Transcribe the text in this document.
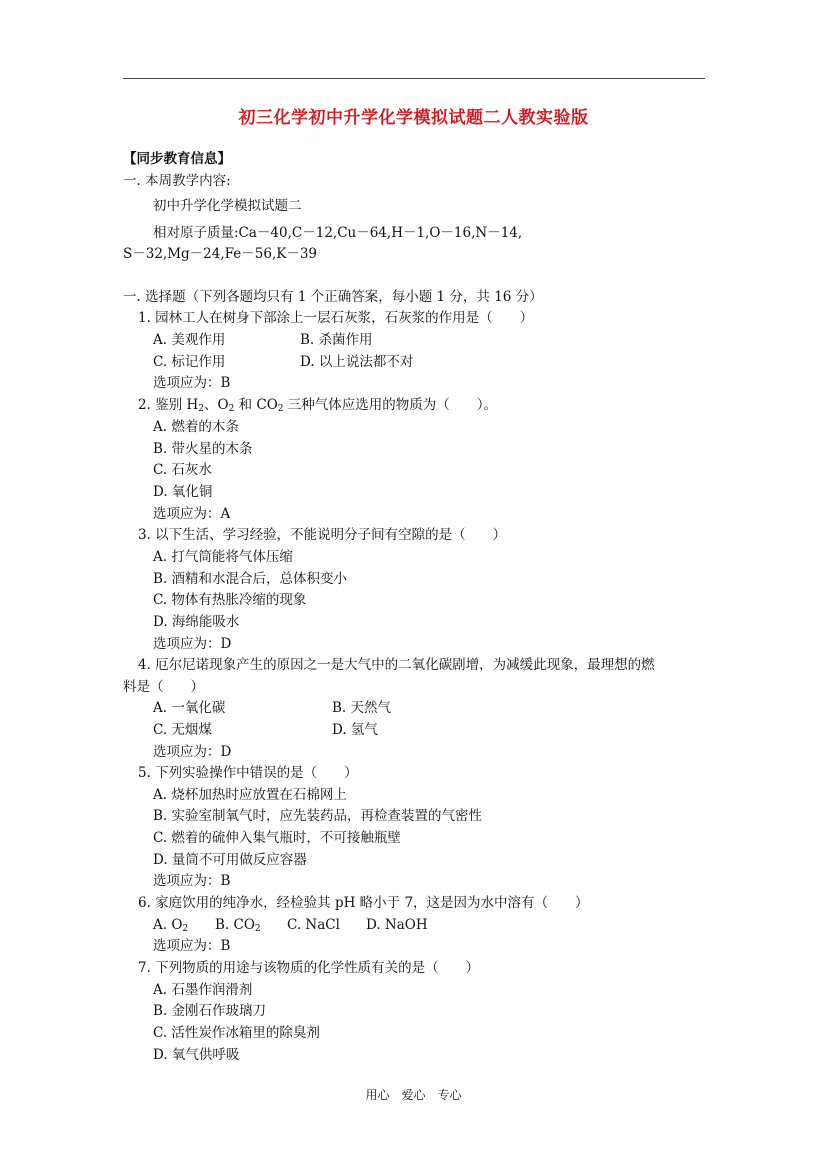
初三化学初中升学化学模拟试题二人教实验版
【同步教育信息】
一. 本周教学内容:
初中升学化学模拟试题二
相对原子质量:Ca－40,C－12,Cu－64,H－1,O－16,N－14,
S－32,Mg－24,Fe－56,K－39
一. 选择题（下列各题均只有 1 个正确答案，每小题 1 分，共 16 分）
1. 园林工人在树身下部涂上一层石灰浆，石灰浆的作用是（　　）
A. 美观作用	B. 杀菌作用
C. 标记作用	D. 以上说法都不对
选项应为：B
2. 鉴别 $H_2$、$O_2$ 和 $CO_2$ 三种气体应选用的物质为（　　）。
A. 燃着的木条
B. 带火星的木条
C. 石灰水
D. 氧化铜
选项应为：A
3. 以下生活、学习经验，不能说明分子间有空隙的是（　　）
A. 打气筒能将气体压缩
B. 酒精和水混合后，总体积变小
C. 物体有热胀冷缩的现象
D. 海绵能吸水
选项应为：D
4. 厄尔尼诺现象产生的原因之一是大气中的二氧化碳剧增，为减缓此现象，最理想的燃
料是（　　）
A. 一氧化碳	B. 天然气
C. 无烟煤	D. 氢气
选项应为：D
5. 下列实验操作中错误的是（　　）
A. 烧杯加热时应放置在石棉网上
B. 实验室制氧气时，应先装药品，再检查装置的气密性
C. 燃着的硫伸入集气瓶时，不可接触瓶壁
D. 量筒不可用做反应容器
选项应为：B
6. 家庭饮用的纯净水，经检验其 pH 略小于 7，这是因为水中溶有（　　）
A. $O_2$ B. $CO_2$ C. NaCl D. NaOH
选项应为：B
7. 下列物质的用途与该物质的化学性质有关的是（　　）
A. 石墨作润滑剂
B. 金刚石作玻璃刀
C. 活性炭作冰箱里的除臭剂
D. 氧气供呼吸
用心　爱心　专心
